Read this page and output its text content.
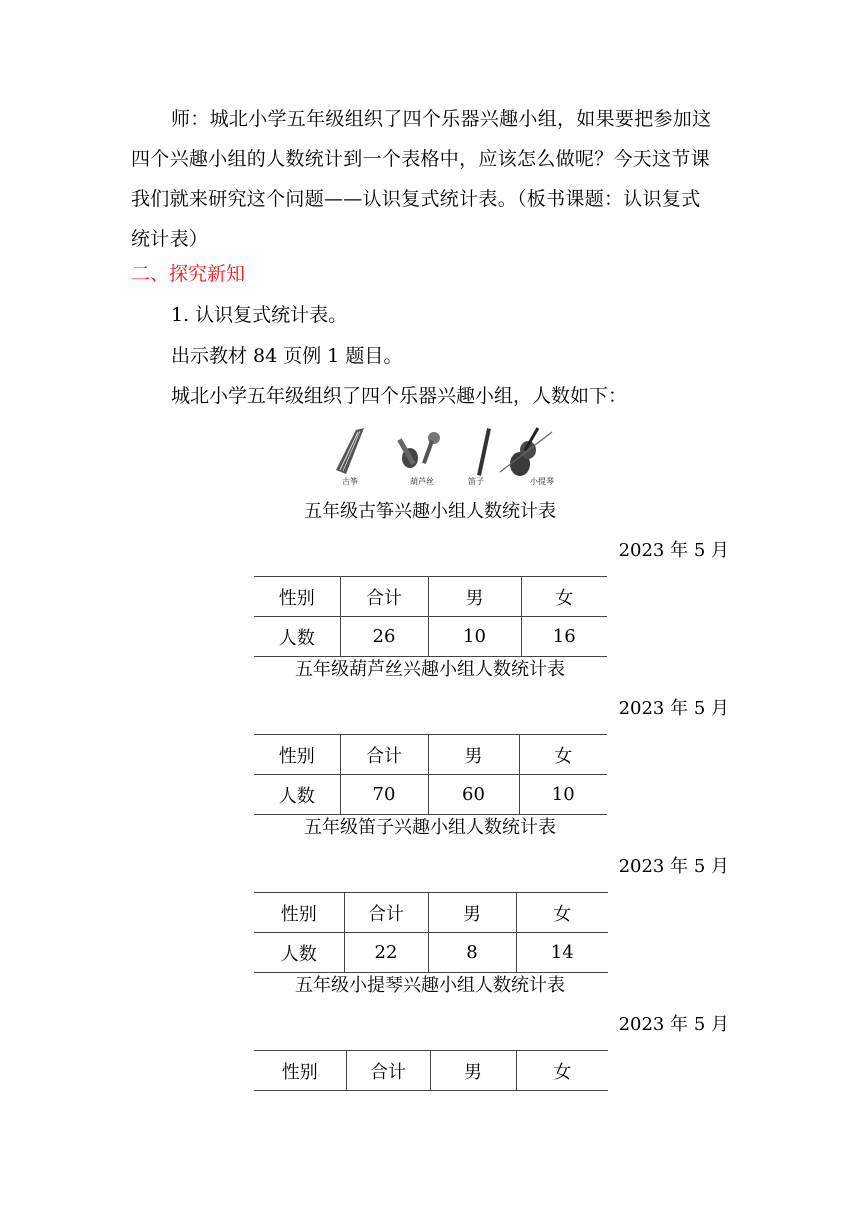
师：城北小学五年级组织了四个乐器兴趣小组，如果要把参加这
四个兴趣小组的人数统计到一个表格中，应该怎么做呢？今天这节课
我们就来研究这个问题——认识复式统计表。（板书课题：认识复式
统计表）
二、探究新知
1. 认识复式统计表。
出示教材 84 页例 1 题目。
城北小学五年级组织了四个乐器兴趣小组，人数如下：
古筝	葫芦丝	笛子	小提琴
五年级古筝兴趣小组人数统计表
2023 年 5 月
性别	合计	男	女
人数	26	10	16
五年级葫芦丝兴趣小组人数统计表
2023 年 5 月
性别	合计	男	女
人数	70	60	10
五年级笛子兴趣小组人数统计表
2023 年 5 月
性别	合计	男	女
人数	22	8	14
五年级小提琴兴趣小组人数统计表
2023 年 5 月
性别	合计	男	女
